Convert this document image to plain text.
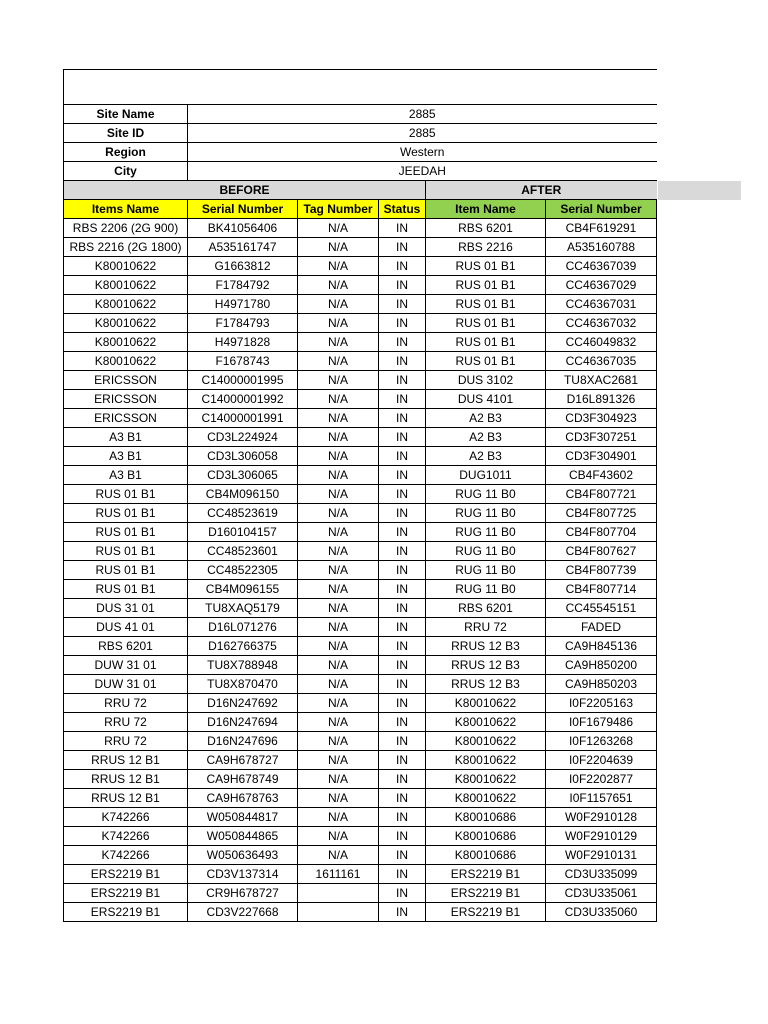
Site Name	2885				
Site ID	2885				
Region	Western				
City	JEEDAH				
BEFORE				AFTER	
Items Name	Serial Number	Tag Number	Status	Item Name	Serial Number
RBS 2206 (2G 900)	BK41056406	N/A	IN	RBS 6201	CB4F619291
RBS 2216 (2G 1800)	A535161747	N/A	IN	RBS 2216	A535160788
K80010622	G1663812	N/A	IN	RUS 01 B1	CC46367039
K80010622	F1784792	N/A	IN	RUS 01 B1	CC46367029
K80010622	H4971780	N/A	IN	RUS 01 B1	CC46367031
K80010622	F1784793	N/A	IN	RUS 01 B1	CC46367032
K80010622	H4971828	N/A	IN	RUS 01 B1	CC46049832
K80010622	F1678743	N/A	IN	RUS 01 B1	CC46367035
ERICSSON	C14000001995	N/A	IN	DUS 3102	TU8XAC2681
ERICSSON	C14000001992	N/A	IN	DUS 4101	D16L891326
ERICSSON	C14000001991	N/A	IN	A2 B3	CD3F304923
A3 B1	CD3L224924	N/A	IN	A2 B3	CD3F307251
A3 B1	CD3L306058	N/A	IN	A2 B3	CD3F304901
A3 B1	CD3L306065	N/A	IN	DUG1011	CB4F43602
RUS 01 B1	CB4M096150	N/A	IN	RUG 11 B0	CB4F807721
RUS 01 B1	CC48523619	N/A	IN	RUG 11 B0	CB4F807725
RUS 01 B1	D160104157	N/A	IN	RUG 11 B0	CB4F807704
RUS 01 B1	CC48523601	N/A	IN	RUG 11 B0	CB4F807627
RUS 01 B1	CC48522305	N/A	IN	RUG 11 B0	CB4F807739
RUS 01 B1	CB4M096155	N/A	IN	RUG 11 B0	CB4F807714
DUS 31 01	TU8XAQ5179	N/A	IN	RBS 6201	CC45545151
DUS 41 01	D16L071276	N/A	IN	RRU 72	FADED
RBS 6201	D162766375	N/A	IN	RRUS 12 B3	CA9H845136
DUW 31 01	TU8X788948	N/A	IN	RRUS 12 B3	CA9H850200
DUW 31 01	TU8X870470	N/A	IN	RRUS 12 B3	CA9H850203
RRU 72	D16N247692	N/A	IN	K80010622	I0F2205163
RRU 72	D16N247694	N/A	IN	K80010622	I0F1679486
RRU 72	D16N247696	N/A	IN	K80010622	I0F1263268
RRUS 12 B1	CA9H678727	N/A	IN	K80010622	I0F2204639
RRUS 12 B1	CA9H678749	N/A	IN	K80010622	I0F2202877
RRUS 12 B1	CA9H678763	N/A	IN	K80010622	I0F1157651
K742266	W050844817	N/A	IN	K80010686	W0F2910128
K742266	W050844865	N/A	IN	K80010686	W0F2910129
K742266	W050636493	N/A	IN	K80010686	W0F2910131
ERS2219 B1	CD3V137314	1611161	IN	ERS2219 B1	CD3U335099
ERS2219 B1	CR9H678727		IN	ERS2219 B1	CD3U335061
ERS2219 B1	CD3V227668		IN	ERS2219 B1	CD3U335060
